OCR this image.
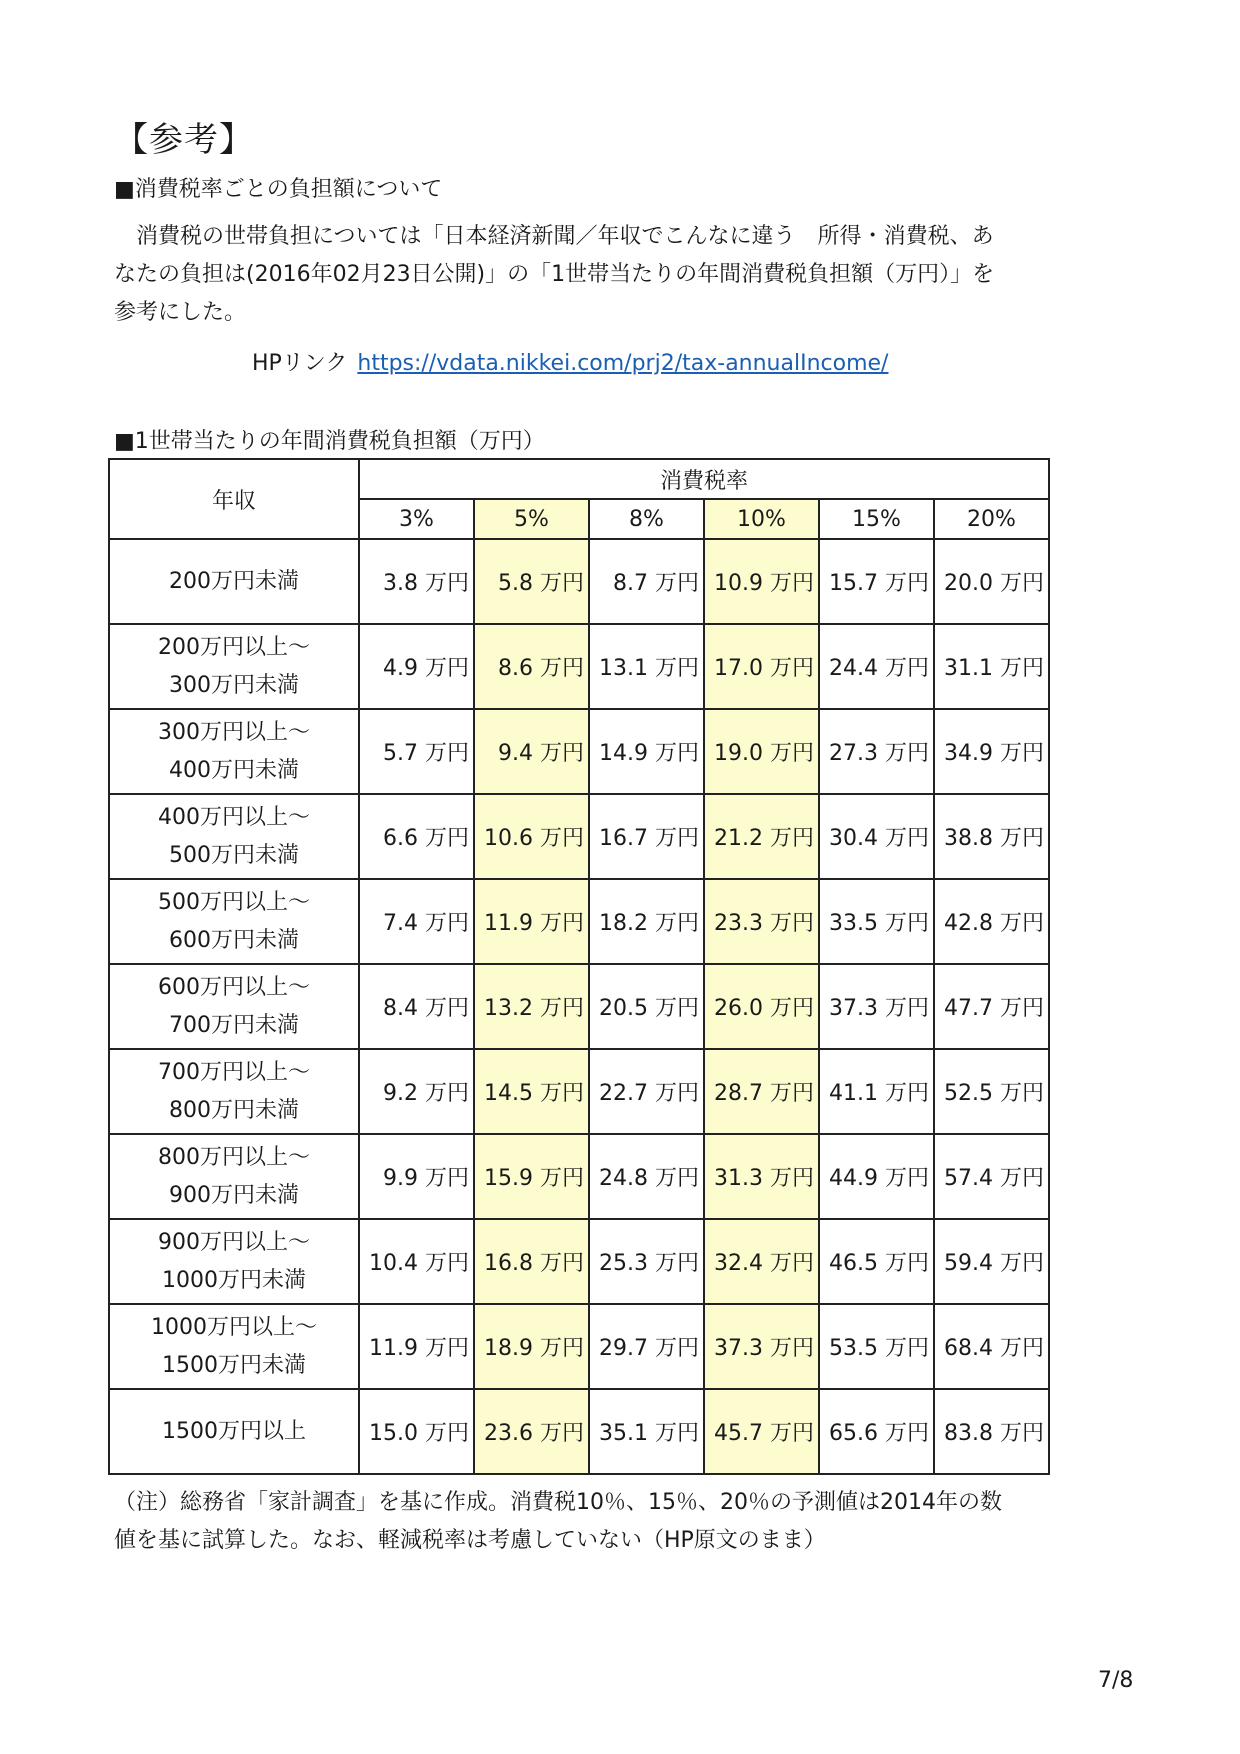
【参考】
■消費税率ごとの負担額について

　消費税の世帯負担については「日本経済新聞／年収でこんなに違う　所得・消費税、あ

なたの負担は(2016年02月23日公開)」の「1世帯当たりの年間消費税負担額（万円）」を

参考にした。

HPリンク https://vdata.nikkei.com/prj2/tax-annualIncome/
■1世帯当たりの年間消費税負担額（万円）
年収	消費税率					
	3%	5%	8%	10%	15%	20%

200万円未満	3.8 万円	5.8 万円	8.7 万円	10.9 万円	15.7 万円	20.0 万円

200万円以上～
300万円未満	4.9 万円	8.6 万円	13.1 万円	17.0 万円	24.4 万円	31.1 万円

300万円以上～
400万円未満	5.7 万円	9.4 万円	14.9 万円	19.0 万円	27.3 万円	34.9 万円

400万円以上～
500万円未満	6.6 万円	10.6 万円	16.7 万円	21.2 万円	30.4 万円	38.8 万円

500万円以上～
600万円未満	7.4 万円	11.9 万円	18.2 万円	23.3 万円	33.5 万円	42.8 万円

600万円以上～
700万円未満	8.4 万円	13.2 万円	20.5 万円	26.0 万円	37.3 万円	47.7 万円

700万円以上～
800万円未満	9.2 万円	14.5 万円	22.7 万円	28.7 万円	41.1 万円	52.5 万円

800万円以上～
900万円未満	9.9 万円	15.9 万円	24.8 万円	31.3 万円	44.9 万円	57.4 万円

900万円以上～
1000万円未満	10.4 万円	16.8 万円	25.3 万円	32.4 万円	46.5 万円	59.4 万円

1000万円以上～
1500万円未満	11.9 万円	18.9 万円	29.7 万円	37.3 万円	53.5 万円	68.4 万円

1500万円以上	15.0 万円	23.6 万円	35.1 万円	45.7 万円	65.6 万円	83.8 万円

（注）総務省「家計調査」を基に作成。消費税10％、15％、20％の予測値は2014年の数

値を基に試算した。なお、軽減税率は考慮していない（HP原文のまま）

7/8
